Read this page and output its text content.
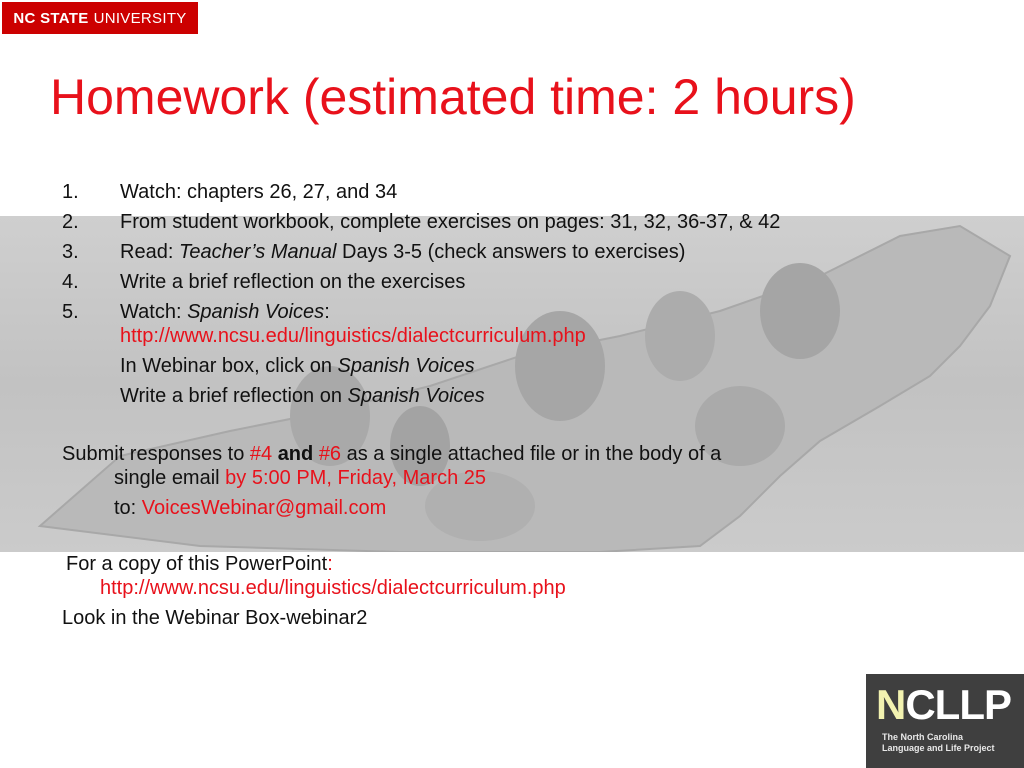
NC STATE UNIVERSITY
Homework (estimated time: 2 hours)
1.	Watch: chapters 26, 27, and 34
2.	From student workbook, complete exercises on pages: 31, 32, 36-37, & 42
3.	Read: Teacher’s Manual Days 3-5 (check answers to exercises)
4.	Write a brief reflection on the exercises
5.	Watch: Spanish Voices:
http://www.ncsu.edu/linguistics/dialectcurriculum.php
In Webinar box, click on Spanish Voices
Write a brief reflection on Spanish Voices

Submit responses to #4 and #6 as a single attached file or in the body of a
single email by 5:00 PM, Friday, March 25
to: VoicesWebinar@gmail.com

For a copy of this PowerPoint:
http://www.ncsu.edu/linguistics/dialectcurriculum.php
Look in the Webinar Box-webinar2
NCLLP
The North Carolina
Language and Life Project
